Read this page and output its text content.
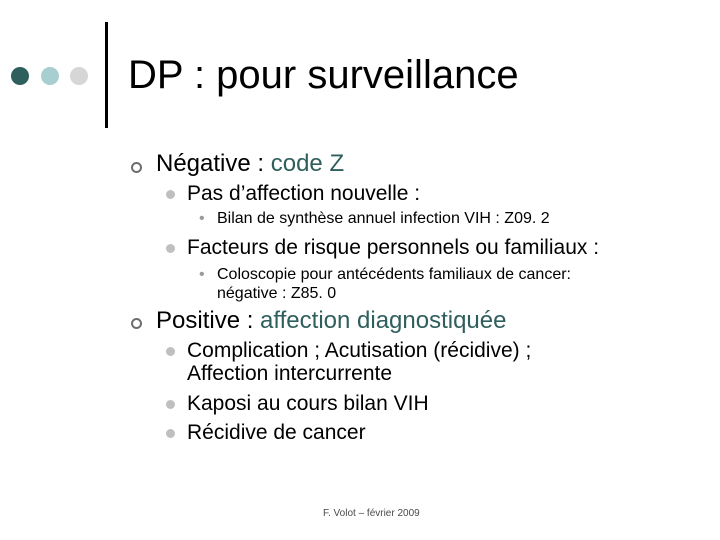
DP : pour surveillance
Négative : code Z
Pas d’affection nouvelle :
• Bilan de synthèse annuel infection VIH : Z09. 2
Facteurs de risque personnels ou familiaux :
• Coloscopie pour antécédents familiaux de cancer:
négative : Z85. 0
Positive : affection diagnostiquée
Complication ; Acutisation (récidive) ;
Affection intercurrente
Kaposi au cours bilan VIH
Récidive de cancer
F. Volot – février 2009
